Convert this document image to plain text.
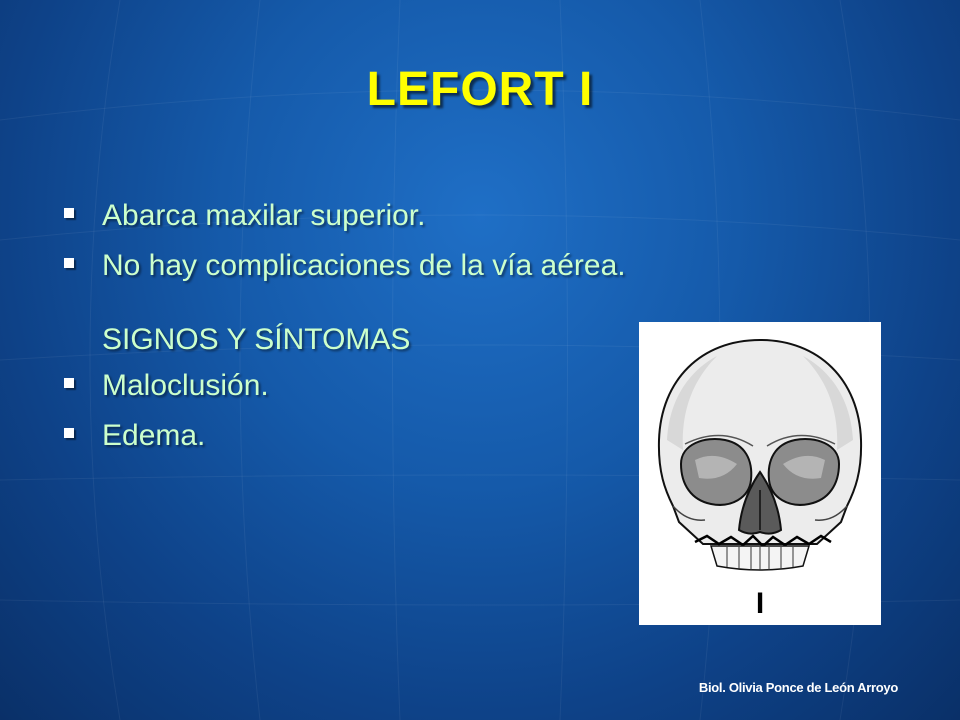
LEFORT I
Abarca maxilar superior.
No hay complicaciones de la vía aérea.
SIGNOS Y SÍNTOMAS
Maloclusión.
Edema.
I
Biol. Olivia Ponce de León Arroyo
